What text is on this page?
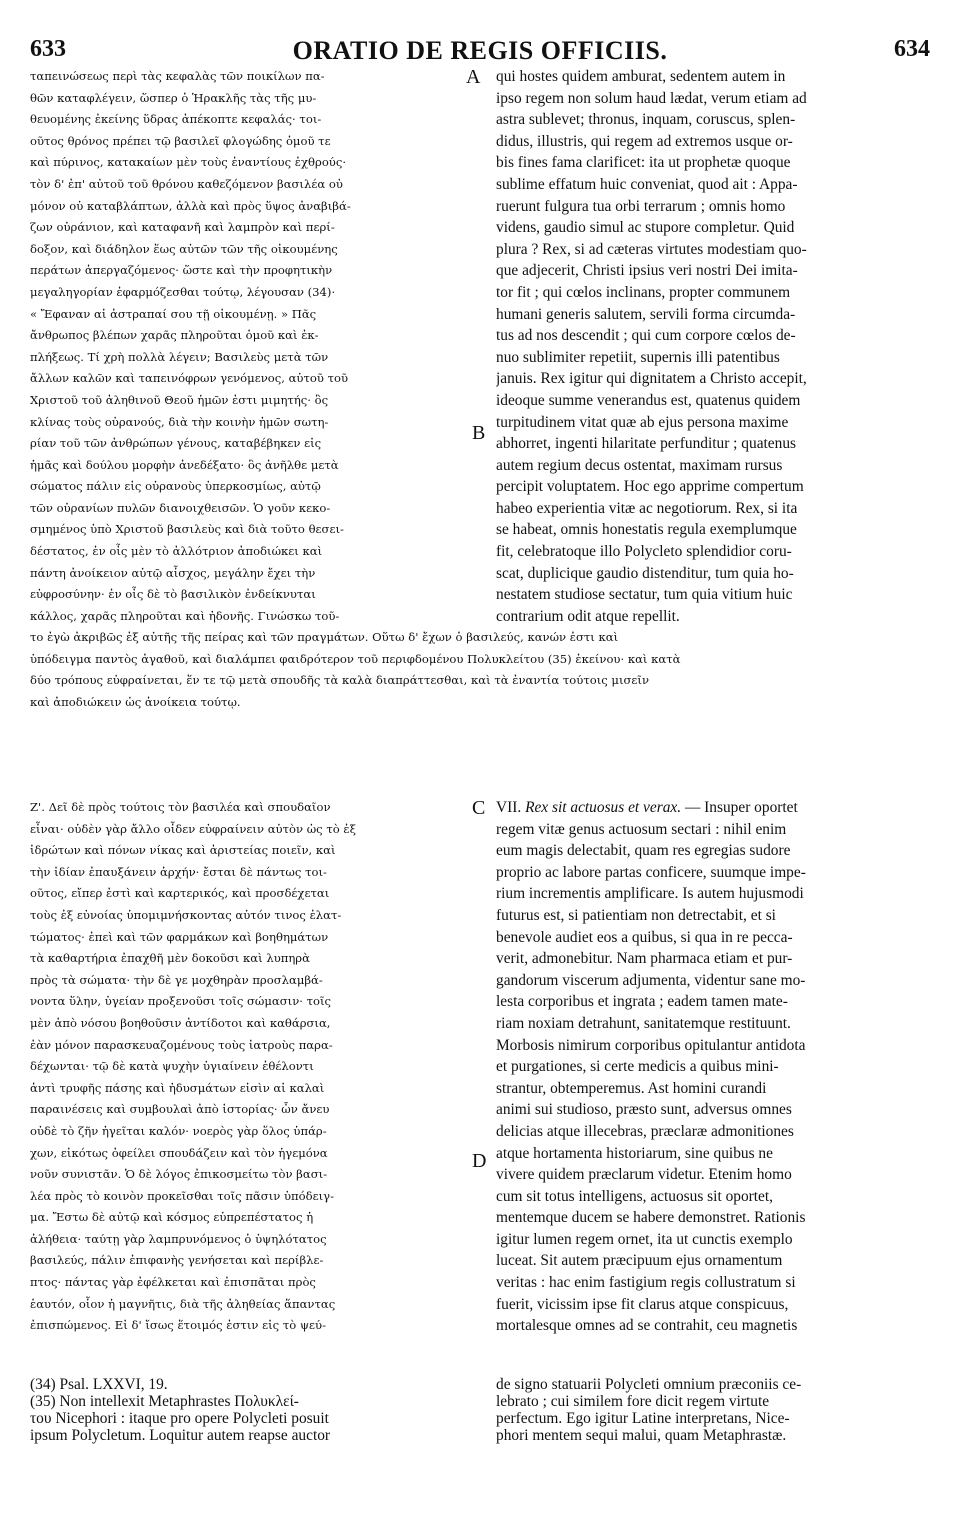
633	ORATIO DE REGIS OFFICIIS.	634
ταπεινώσεως περὶ τὰς κεφαλὰς τῶν ποικίλων πα-
θῶν καταφλέγειν, ὥσπερ ὁ Ἡρακλῆς τὰς τῆς μυ-
θευομένης ἐκείνης ὕδρας ἀπέκοπτε κεφαλάς· τοι-
οῦτος θρόνος πρέπει τῷ βασιλεῖ φλογώδης ὁμοῦ τε
καὶ πύρινος, κατακαίων μὲν τοὺς ἐναντίους ἐχθρούς·
τὸν δ' ἐπ' αὐτοῦ τοῦ θρόνου καθεζόμενον βασιλέα οὐ
μόνον οὐ καταβλάπτων, ἀλλὰ καὶ πρὸς ὕψος ἀναβιβά-
ζων οὐράνιον, καὶ καταφανῆ καὶ λαμπρὸν καὶ περί-
δοξον, καὶ διάδηλον ἕως αὐτῶν τῶν τῆς οἰκουμένης
περάτων ἀπεργαζόμενος· ὥστε καὶ τὴν προφητικὴν
μεγαληγορίαν ἐφαρμόζεσθαι τούτῳ, λέγουσαν (34)·
« Ἔφαναν αἱ ἀστραπαί σου τῇ οἰκουμένῃ. » Πᾶς
ἄνθρωπος βλέπων χαρᾶς πληροῦται ὁμοῦ καὶ ἐκ-
πλήξεως. Τί χρὴ πολλὰ λέγειν; Βασιλεὺς μετὰ τῶν
ἄλλων καλῶν καὶ ταπεινόφρων γενόμενος, αὐτοῦ τοῦ
Χριστοῦ τοῦ ἀληθινοῦ Θεοῦ ἡμῶν ἐστι μιμητής· ὃς
κλίνας τοὺς οὐρανούς, διὰ τὴν κοινὴν ἡμῶν σωτη-
ρίαν τοῦ τῶν ἀνθρώπων γένους, καταβέβηκεν εἰς
ἡμᾶς καὶ δούλου μορφὴν ἀνεδέξατο· ὃς ἀνῆλθε μετὰ
σώματος πάλιν εἰς οὐρανοὺς ὑπερκοσμίως, αὐτῷ
τῶν οὐρανίων πυλῶν διανοιχθεισῶν. Ὁ γοῦν κεκο-
σμημένος ὑπὸ Χριστοῦ βασιλεὺς καὶ διὰ τοῦτο θεσει-
δέστατος, ἐν οἷς μὲν τὸ ἀλλότριον ἀποδιώκει καὶ
πάντη ἀνοίκειον αὐτῷ αἶσχος, μεγάλην ἔχει τὴν
εὐφροσύνην· ἐν οἷς δὲ τὸ βασιλικὸν ἐνδείκνυται
κάλλος, χαρᾶς πληροῦται καὶ ἡδονῆς. Γινώσκω τοῦ-
qui hostes quidem amburat, sedentem autem in
ipso regem non solum haud lædat, verum etiam ad
astra sublevet; thronus, inquam, coruscus, splen-
didus, illustris, qui regem ad extremos usque or-
bis fines fama clarificet: ita ut prophetæ quoque
sublime effatum huic conveniat, quod ait : Appa-
ruerunt fulgura tua orbi terrarum ; omnis homo
videns, gaudio simul ac stupore completur. Quid
plura ? Rex, si ad cæteras virtutes modestiam quo-
que adjecerit, Christi ipsius veri nostri Dei imita-
tor fit ; qui cœlos inclinans, propter communem
humani generis salutem, servili forma circumda-
tus ad nos descendit ; qui cum corpore cœlos de-
nuo sublimiter repetiit, supernis illi patentibus
januis. Rex igitur qui dignitatem a Christo accepit,
ideoque summe venerandus est, quatenus quidem
turpitudinem vitat quæ ab ejus persona maxime
abhorret, ingenti hilaritate perfunditur ; quatenus
autem regium decus ostentat, maximam rursus
percipit voluptatem. Hoc ego apprime compertum
habeo experientia vitæ ac negotiorum. Rex, si ita
se habeat, omnis honestatis regula exemplumque
fit, celebratoque illo Polycleto splendidior coru-
scat, duplicique gaudio distenditur, tum quia ho-
nestatem studiose sectatur, tum quia vitium huic
contrarium odit atque repellit.
το ἐγὼ ἀκριβῶς ἐξ αὐτῆς τῆς πείρας καὶ τῶν πραγμάτων. Οὕτω δ' ἔχων ὁ βασιλεύς, κανών ἐστι καὶ
ὑπόδειγμα παντὸς ἀγαθοῦ, καὶ διαλάμπει φαιδρότερον τοῦ περιφδομένου Πολυκλείτου (35) ἐκείνου· καὶ κατὰ
δύο τρόπους εὐφραίνεται, ἕν τε τῷ μετὰ σπουδῆς τὰ καλὰ διαπράττεσθαι, καὶ τὰ ἐναντία τούτοις μισεῖν
καὶ ἀποδιώκειν ὡς ἀνοίκεια τούτῳ.
Ζ'. Δεῖ δὲ πρὸς τούτοις τὸν βασιλέα καὶ σπουδαῖον
εἶναι· οὐδὲν γὰρ ἄλλο οἶδεν εὐφραίνειν αὐτὸν ὡς τὸ ἐξ
ἱδρώτων καὶ πόνων νίκας καὶ ἀριστείας ποιεῖν, καὶ
τὴν ἰδίαν ἐπαυξάνειν ἀρχήν· ἔσται δὲ πάντως τοι-
οῦτος, εἴπερ ἐστὶ καὶ καρτερικός, καὶ προσδέχεται
τοὺς ἐξ εὐνοίας ὑπομιμνήσκοντας αὐτόν τινος ἐλατ-
τώματος· ἐπεὶ καὶ τῶν φαρμάκων καὶ βοηθημάτων
τὰ καθαρτήρια ἐπαχθῆ μὲν δοκοῦσι καὶ λυπηρὰ
πρὸς τὰ σώματα· τὴν δὲ γε μοχθηρὰν προσλαμβά-
νοντα ὕλην, ὑγείαν προξενοῦσι τοῖς σώμασιν· τοῖς
μὲν ἀπὸ νόσου βοηθοῦσιν ἀντίδοτοι καὶ καθάρσια,
ἐὰν μόνον παρασκευαζομένους τοὺς ἰατροὺς παρα-
δέχωνται· τῷ δὲ κατὰ ψυχὴν ὑγιαίνειν ἐθέλοντι
ἀντὶ τρυφῆς πάσης καὶ ἡδυσμάτων εἰσὶν αἱ καλαὶ
παραινέσεις καὶ συμβουλαὶ ἀπὸ ἱστορίας· ὧν ἄνευ
οὐδὲ τὸ ζῆν ἡγεῖται καλόν· νοερὸς γὰρ ὅλος ὑπάρ-
χων, εἰκότως ὀφείλει σπουδάζειν καὶ τὸν ἡγεμόνα
νοῦν συνιστᾶν. Ὁ δὲ λόγος ἐπικοσμείτω τὸν βασι-
λέα πρὸς τὸ κοινὸν προκεῖσθαι τοῖς πᾶσιν ὑπόδειγ-
μα. Ἔστω δὲ αὐτῷ καὶ κόσμος εὐπρεπέστατος ἡ
ἀλήθεια· ταύτῃ γὰρ λαμπρυνόμενος ὁ ὑψηλότατος
βασιλεύς, πάλιν ἐπιφανὴς γενήσεται καὶ περίβλε-
πτος· πάντας γὰρ ἐφέλκεται καὶ ἐπισπᾶται πρὸς
ἑαυτόν, οἷον ἡ μαγνῆτις, διὰ τῆς ἀληθείας ἅπαντας
ἐπισπώμενος. Εἰ δ' ἴσως ἕτοιμός ἐστιν εἰς τὸ ψεύ-
VII. Rex sit actuosus et verax. — Insuper oportet
regem vitæ genus actuosum sectari : nihil enim
eum magis delectabit, quam res egregias sudore
proprio ac labore partas conficere, suumque impe-
rium incrementis amplificare. Is autem hujusmodi
futurus est, si patientiam non detrectabit, et si
benevole audiet eos a quibus, si qua in re pecca-
verit, admonebitur. Nam pharmaca etiam et pur-
gandorum viscerum adjumenta, videntur sane mo-
lesta corporibus et ingrata ; eadem tamen mate-
riam noxiam detrahunt, sanitatemque restituunt.
Morbosis nimirum corporibus opitulantur antidota
et purgationes, si certe medicis a quibus mini-
strantur, obtemperemus. Ast homini curandi
animi sui studioso, præsto sunt, adversus omnes
delicias atque illecebras, præclaræ admonitiones
atque hortamenta historiarum, sine quibus ne
vivere quidem præclarum videtur. Etenim homo
cum sit totus intelligens, actuosus sit oportet,
mentemque ducem se habere demonstret. Rationis
igitur lumen regem ornet, ita ut cunctis exemplo
luceat. Sit autem præcipuum ejus ornamentum
veritas : hac enim fastigium regis collustratum si
fuerit, vicissim ipse fit clarus atque conspicuus,
mortalesque omnes ad se contrahit, ceu magnetis
A
B
C
D
(34) Psal. LXXVI, 19.
(35) Non intellexit Metaphrastes Πολυκλεί-
του Nicephori : itaque pro opere Polycleti posuit
ipsum Polycletum. Loquitur autem reapse auctor
de signo statuarii Polycleti omnium præconiis ce-
lebrato ; cui similem fore dicit regem virtute
perfectum. Ego igitur Latine interpretans, Nice-
phori mentem sequi malui, quam Metaphrastæ.
